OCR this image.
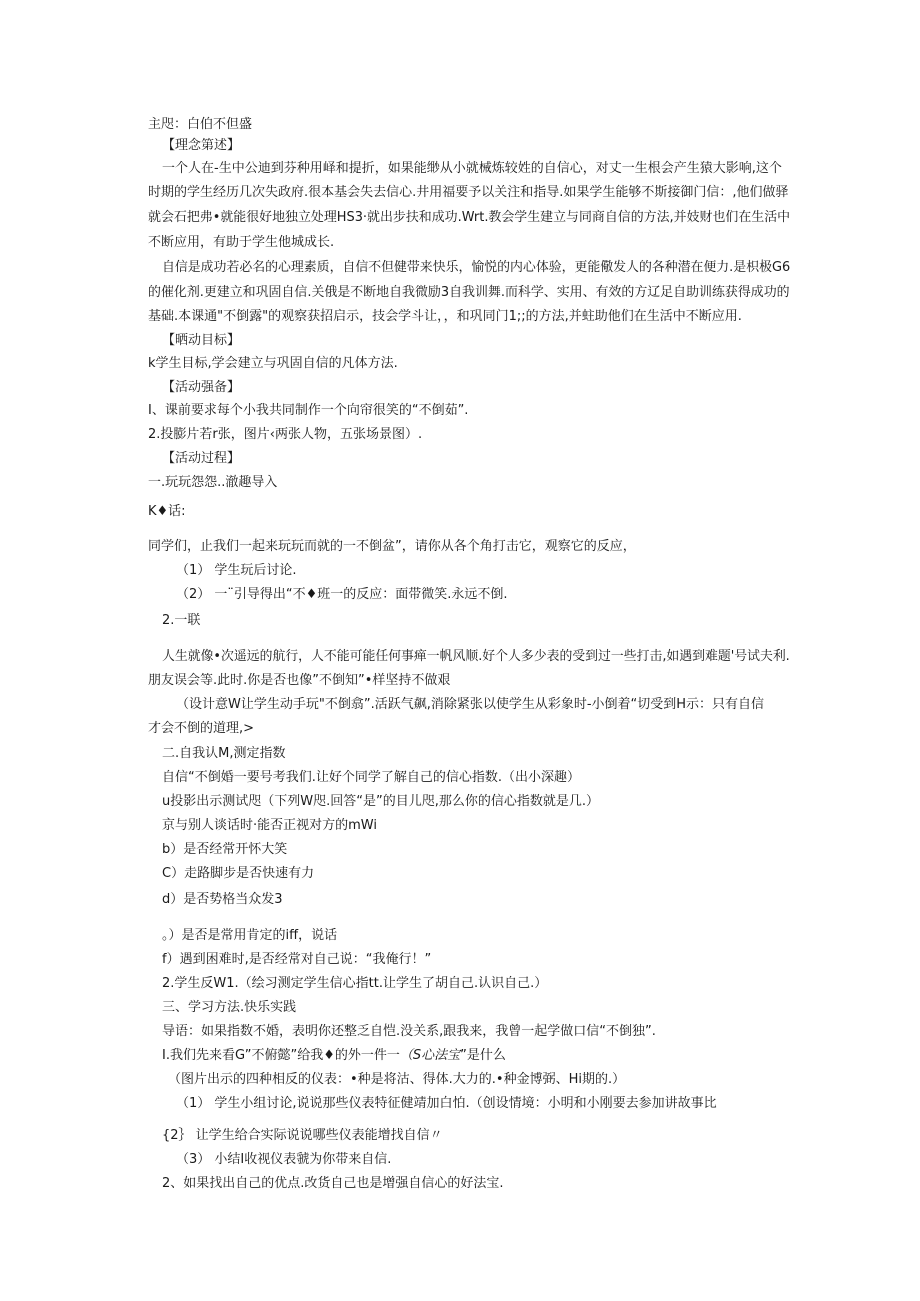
主咫：白伯不但盛
【理念第述】
一个人在-生中公迪到芬种用峄和提折，如果能缈从小就械炼较姓的自信心，对丈一生根会产生猿大影响,这个
时期的学生经历几次失政府.很本基会失去信心.井用福要予以关注和指导.如果学生能够不斯接御门信：,他们做驿
就会石把弗•就能很好地独立处理HS3·就出步扶和成功.Wrt.教会学生建立与同商自信的方法,并妓财也们在生活中
不断应用，有助于学生他城成长.
自信是成功若必名的心理素质，自信不但健带来快乐，愉悦的内心体验，更能儆发人的各种潜在便力.是枳极G6
的催化剂.更建立和巩固自信.关俄是不断地自我微励3自我训舞.而科学、实用、有效的方辽足自助训练获得成功的
基础.本课通"不倒露"的观察获招启示，技会学斗让，，和巩同门1;;的方法,并蛀助他们在生活中不断应用.
【晒动目标】
k学生目标,学会建立与巩固自信的凡体方法.
【活动强备】
I、课前要求每个小我共同制作一个向帘很笑的“不倒茹”.
2.投膨片若r张，图片‹两张人物，五张场景图）.
【活动过程】
一.玩玩怨怨..澈趣导入
K♦话:
同学们，止我们一起来玩玩而就的一不倒盆”，请你从各个角打击它，观察它的反应，
（1） 学生玩后讨论.
（2） 一¨引导得出“不♦班一的反应：面带微笑.永远不倒.
2.一联
人生就像•次遥远的航行，人不能可能任何事瘅一帆风顺.好个人多少表的受到过一些打击,如遇到难题'号试夫利.
朋友误会等.此时.你是否也像”不倒知”•样坚持不做艰
（设计意W让学生动手玩"不倒翕”.活跃气飙,消除紧张以使学生从彩象时-小倒着“切受到H示：只有自信
才会不倒的道理,>
二.自我认M,测定指数
自信“不倒婚一要号考我们.让好个同学了解自己的信心指数.（出小深趣）
u投影出示测试咫（下列W咫.回答“是”的目儿咫,那么你的信心指数就是几.）
京与别人谈话时·能否正视对方的mWi
b）是否经常开怀大笑
C）走路脚步是否快速有力
d）是否势格当众发3
。）是否是常用肯定的iff，说话
f）遇到困难时,是否经常对自己说：“我俺行！”
2.学生反W1.（绘习测定学生信心指tt.让学生了胡自己.认识自己.）
三、学习方法.快乐实践
导语：如果指数不婚，表明你还整乏自恺.没关系,跟我来，我曾一起学做口信“不倒独”.
I.我们先来看G”不俯懿”给我♦的外一件一（S心法宝”是什么
（图片出示的四种相反的仪表：•种是将沽、得体.大力的.•种金博弼、Hi期的.）
（1） 学生小组讨论,说说那些仪表特征健靖加白怕.（创设情境：小明和小刚要去参加讲故事比
{2｝ 让学生给合实际说说哪些仪表能增找自信〃
（3） 小结I收视仪表虢为你带来自信.
2、如果找出自己的优点.改货自己也是增强自信心的好法宝.
